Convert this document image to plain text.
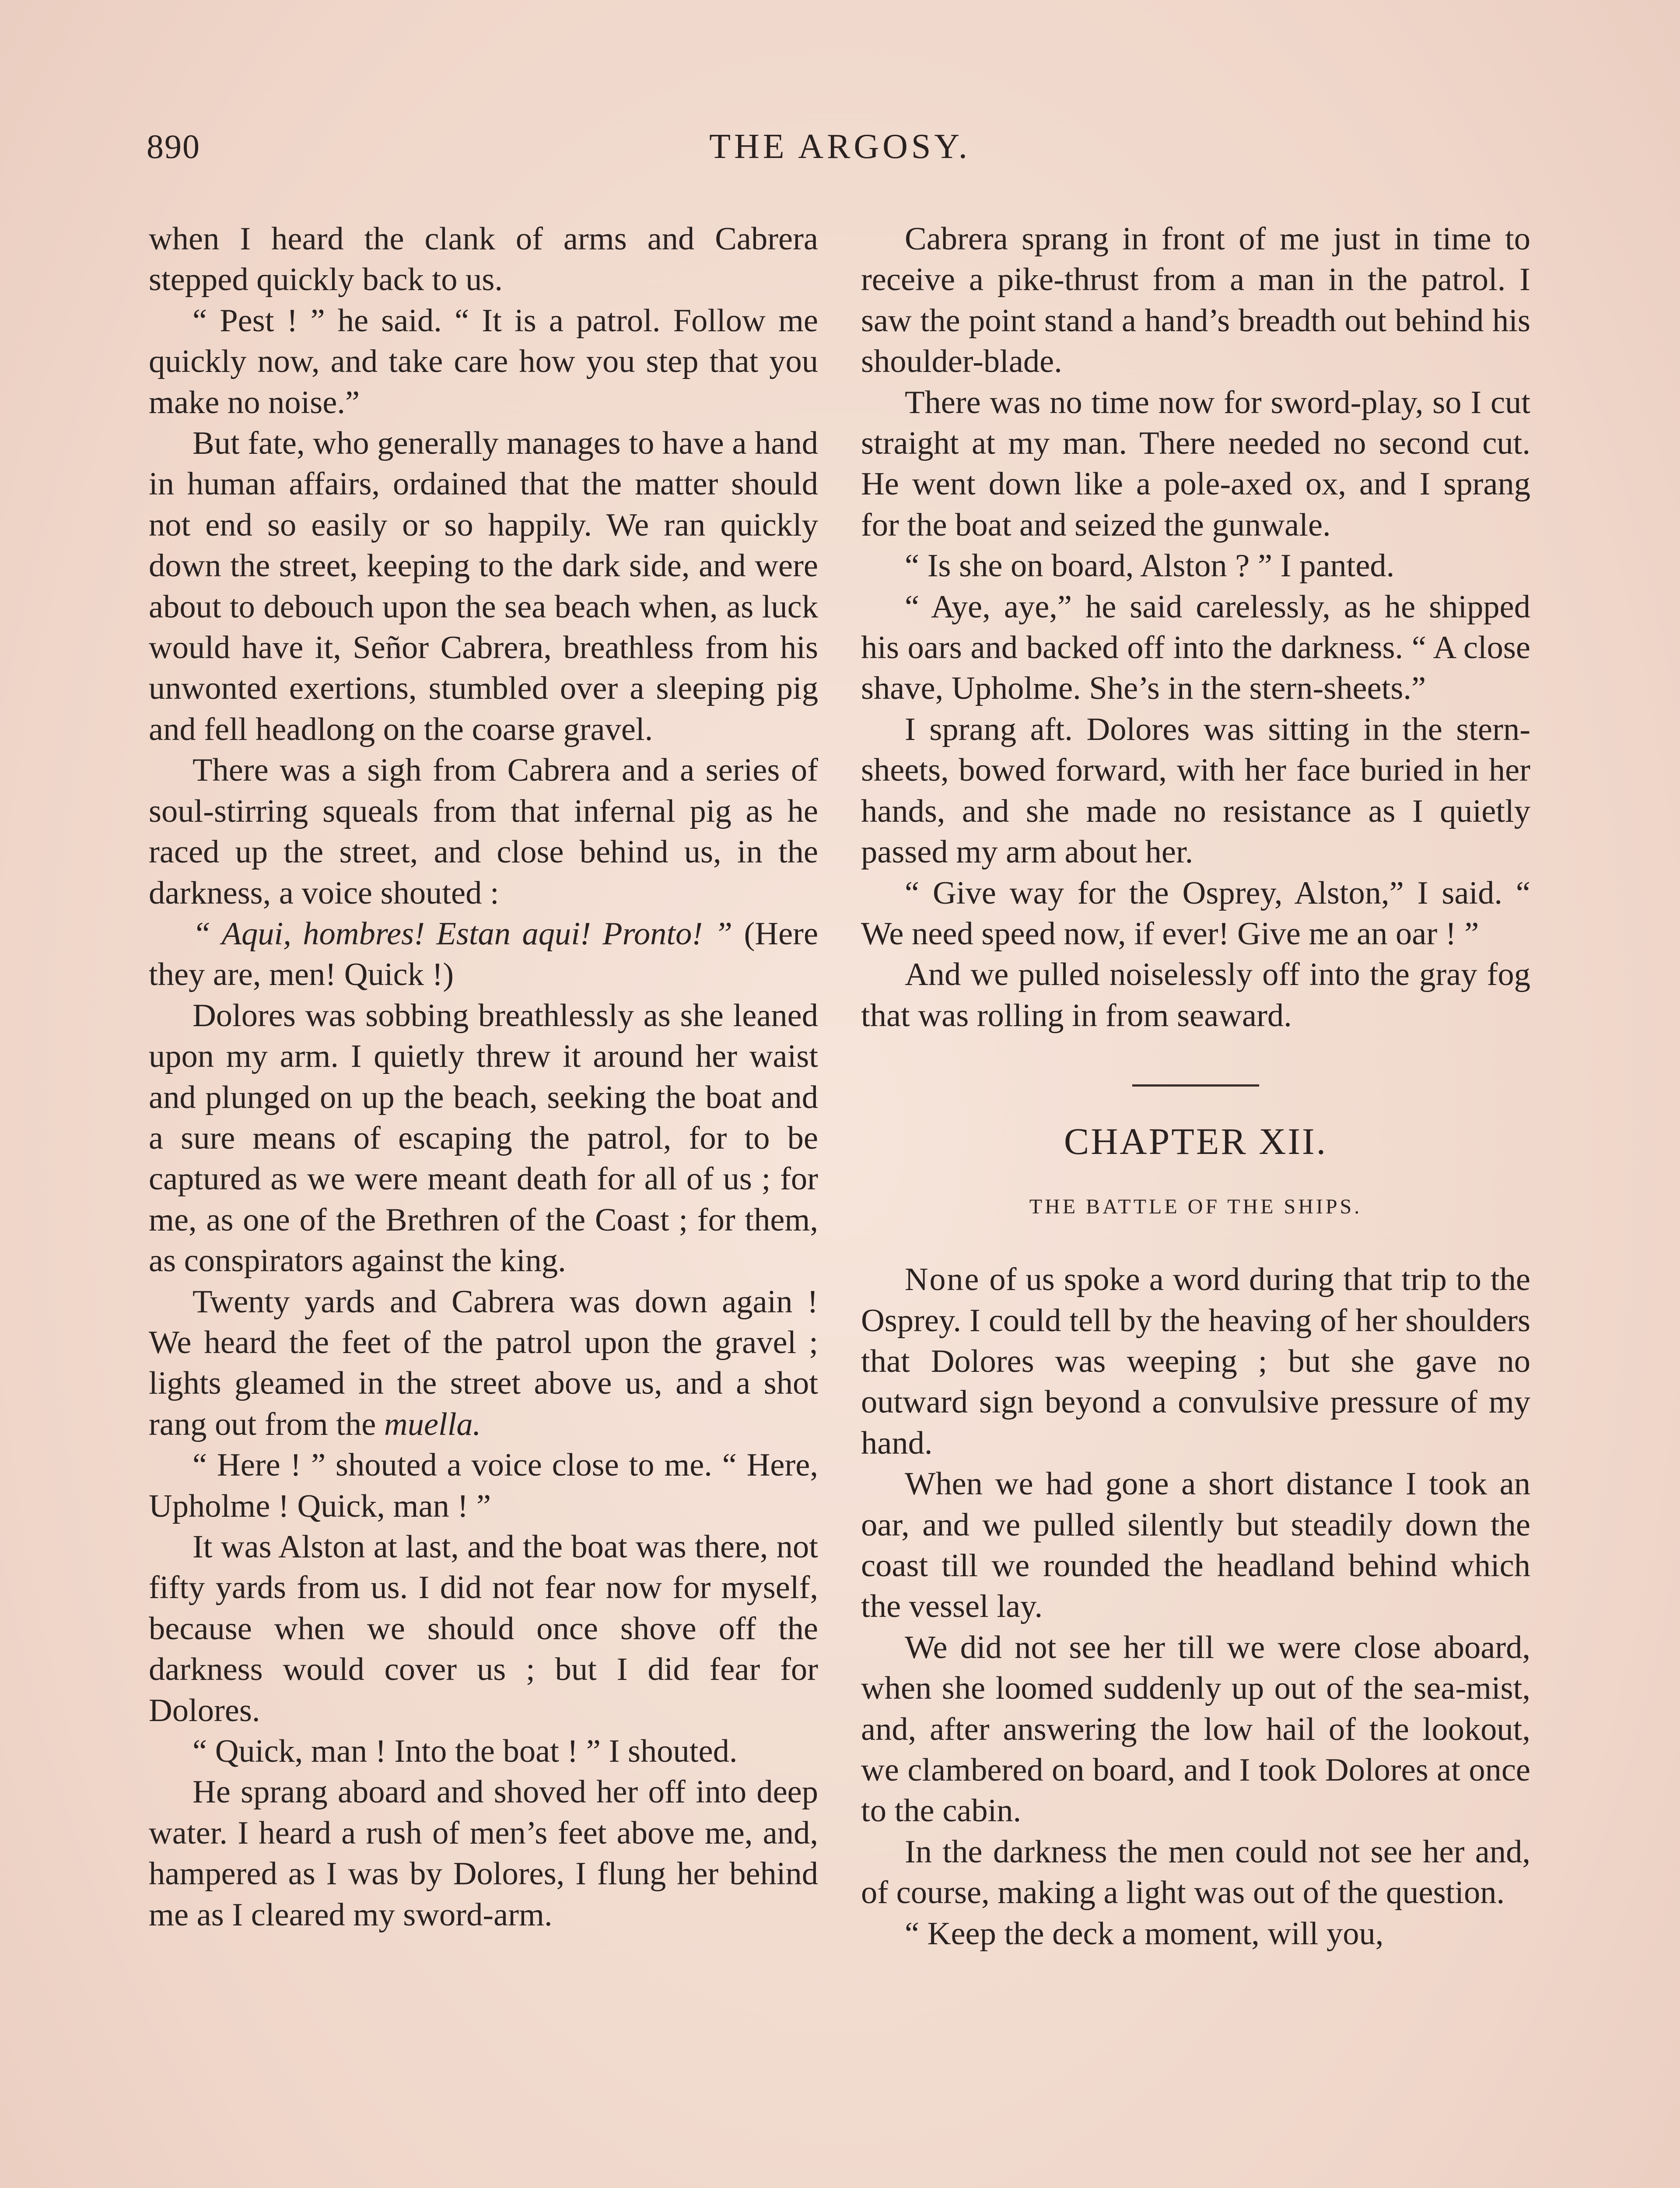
890	THE ARGOSY.

when I heard the clank of arms and Cabrera stepped quickly back to us.

“ Pest ! ” he said. “ It is a patrol. Follow me quickly now, and take care how you step that you make no noise.”

But fate, who generally manages to have a hand in human affairs, ordained that the matter should not end so easily or so happily. We ran quickly down the street, keeping to the dark side, and were about to debouch upon the sea beach when, as luck would have it, Señor Cabrera, breathless from his unwonted exertions, stumbled over a sleeping pig and fell headlong on the coarse gravel.

There was a sigh from Cabrera and a series of soul-stirring squeals from that infernal pig as he raced up the street, and close behind us, in the darkness, a voice shouted :

“ Aqui, hombres! Estan aqui! Pronto! ” (Here they are, men! Quick !)

Dolores was sobbing breathlessly as she leaned upon my arm. I quietly threw it around her waist and plunged on up the beach, seeking the boat and a sure means of escaping the patrol, for to be captured as we were meant death for all of us ; for me, as one of the Brethren of the Coast ; for them, as conspirators against the king.

Twenty yards and Cabrera was down again ! We heard the feet of the patrol upon the gravel ; lights gleamed in the street above us, and a shot rang out from the muella.

“ Here ! ” shouted a voice close to me. “ Here, Upholme ! Quick, man ! ”

It was Alston at last, and the boat was there, not fifty yards from us. I did not fear now for myself, because when we should once shove off the darkness would cover us ; but I did fear for Dolores.

“ Quick, man ! Into the boat ! ” I shouted.

He sprang aboard and shoved her off into deep water. I heard a rush of men’s feet above me, and, hampered as I was by Dolores, I flung her behind me as I cleared my sword-arm.

Cabrera sprang in front of me just in time to receive a pike-thrust from a man in the patrol. I saw the point stand a hand’s breadth out behind his shoulder-blade.

There was no time now for sword-play, so I cut straight at my man. There needed no second cut. He went down like a pole-axed ox, and I sprang for the boat and seized the gunwale.

“ Is she on board, Alston ? ” I panted.

“ Aye, aye,” he said carelessly, as he shipped his oars and backed off into the darkness. “ A close shave, Upholme. She’s in the stern-sheets.”

I sprang aft. Dolores was sitting in the stern-sheets, bowed forward, with her face buried in her hands, and she made no resistance as I quietly passed my arm about her.

“ Give way for the Osprey, Alston,” I said. “ We need speed now, if ever! Give me an oar ! ”

And we pulled noiselessly off into the gray fog that was rolling in from seaward.

CHAPTER XII.
THE BATTLE OF THE SHIPS.

None of us spoke a word during that trip to the Osprey. I could tell by the heaving of her shoulders that Dolores was weeping ; but she gave no outward sign beyond a convulsive pressure of my hand.

When we had gone a short distance I took an oar, and we pulled silently but steadily down the coast till we rounded the headland behind which the vessel lay.

We did not see her till we were close aboard, when she loomed suddenly up out of the sea-mist, and, after answering the low hail of the lookout, we clambered on board, and I took Dolores at once to the cabin.

In the darkness the men could not see her and, of course, making a light was out of the question.

“ Keep the deck a moment, will you,
